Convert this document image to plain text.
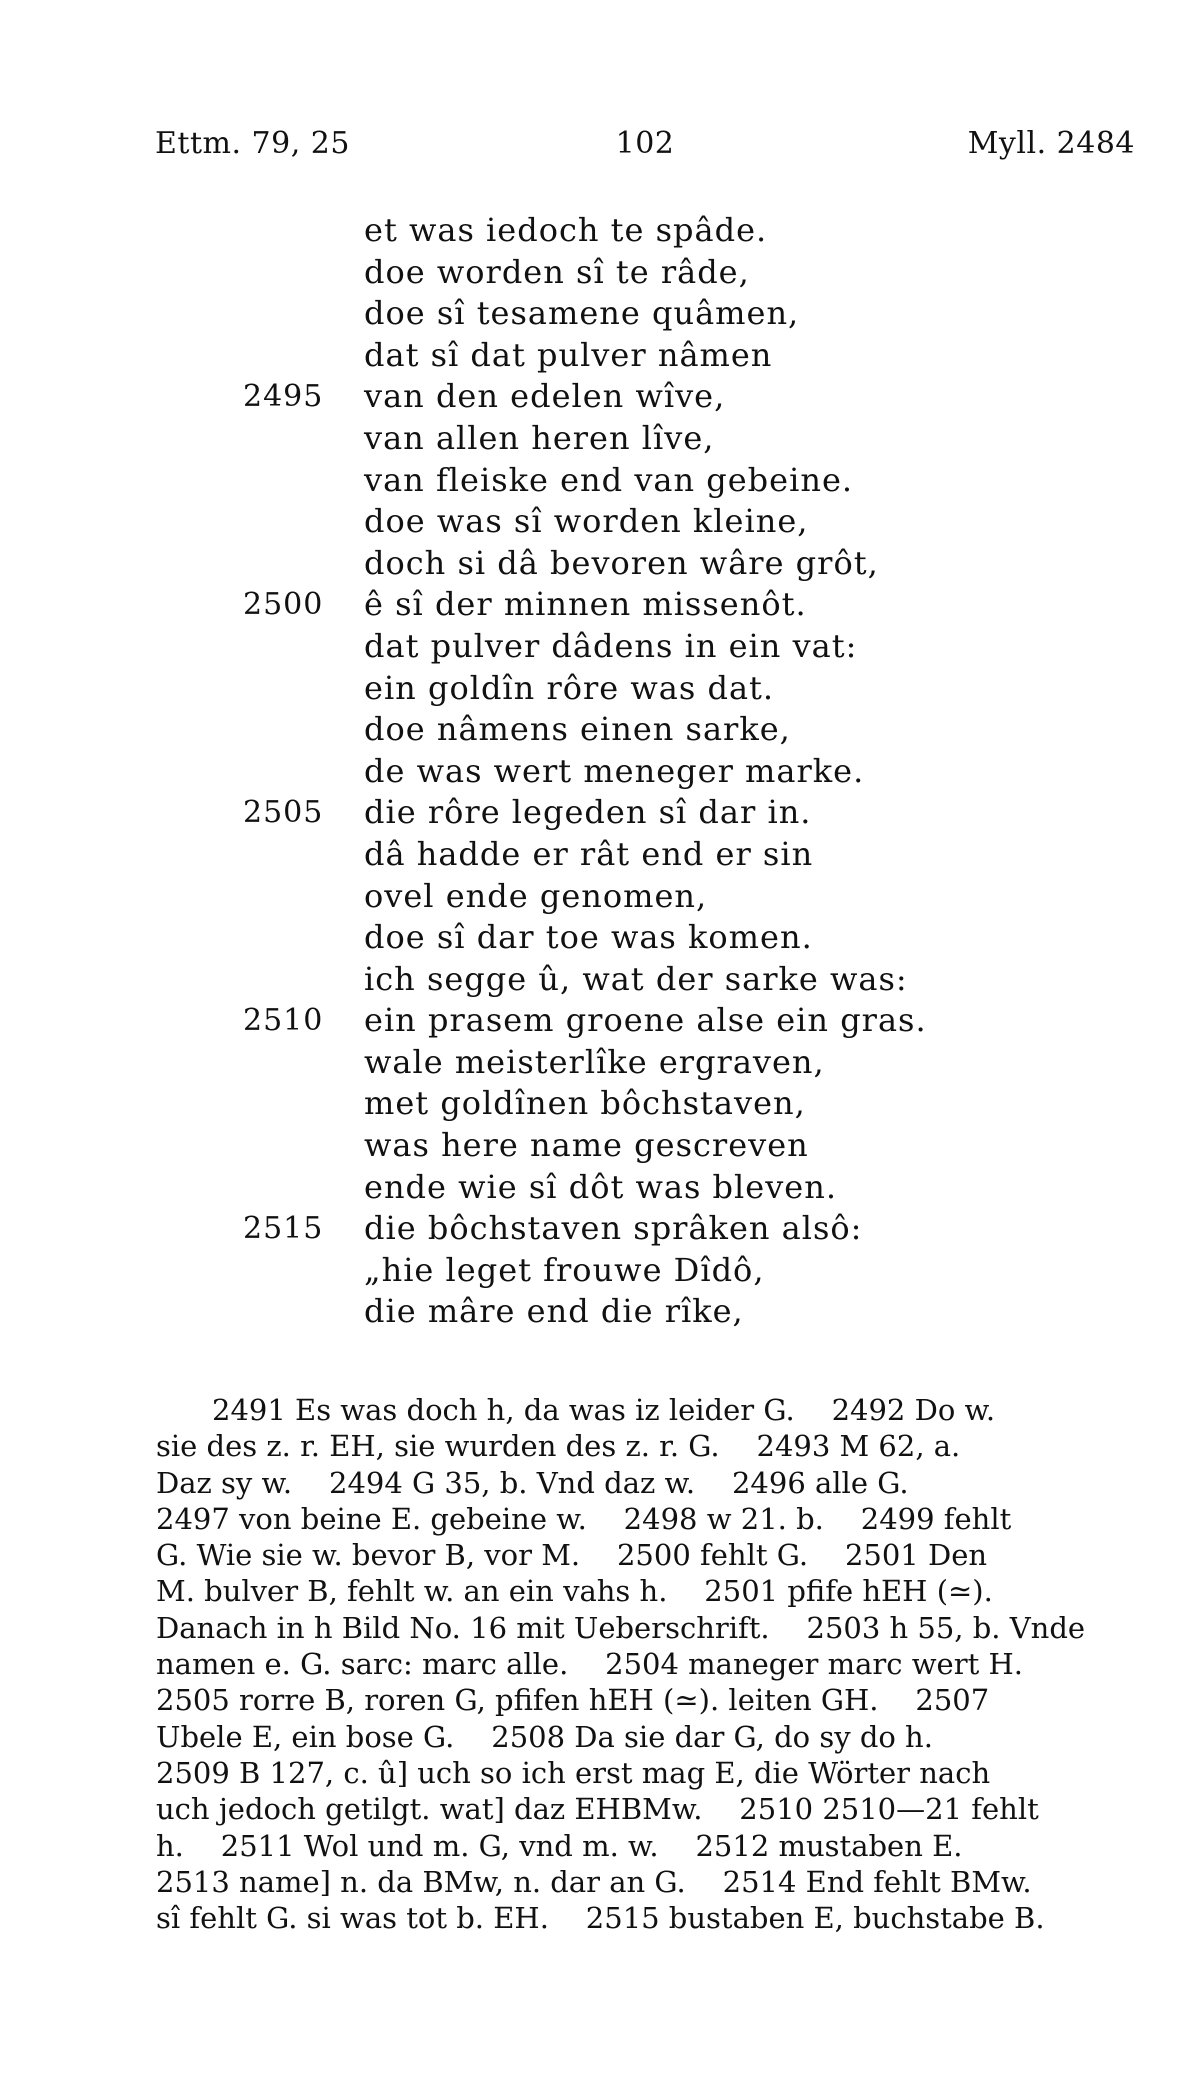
Ettm. 79, 25	102	Myll. 2484
et was iedoch te spâde.
doe worden sî te râde,
doe sî tesamene quâmen,
dat sî dat pulver nâmen
2495 van den edelen wîve,
van allen heren lîve,
van fleiske end van gebeine.
doe was sî worden kleine,
doch si dâ bevoren wâre grôt,
2500 ê sî der minnen missenôt.
dat pulver dâdens in ein vat:
ein goldîn rôre was dat.
doe nâmens einen sarke,
de was wert meneger marke.
2505 die rôre legeden sî dar in.
dâ hadde er rât end er sin
ovel ende genomen,
doe sî dar toe was komen.
ich segge û, wat der sarke was:
2510 ein prasem groene alse ein gras.
wale meisterlîke ergraven,
met goldînen bôchstaven,
was here name gescreven
ende wie sî dôt was bleven.
2515 die bôchstaven sprâken alsô:
„hie leget frouwe Dîdô,
die mâre end die rîke,
2491 Es was doch h, da was iz leider G.    2492 Do w.
sie des z. r. EH, sie wurden des z. r. G.    2493 M 62, a.
Daz sy w.    2494 G 35, b. Vnd daz w.    2496 alle G.
2497 von beine E. gebeine w.    2498 w 21. b.    2499 fehlt
G. Wie sie w. bevor B, vor M.    2500 fehlt G.    2501 Den
M. bulver B, fehlt w. an ein vahs h.    2501 pfife hEH (≃).
Danach in h Bild No. 16 mit Ueberschrift.    2503 h 55, b. Vnde
namen e. G. sarc: marc alle.    2504 maneger marc wert H.
2505 rorre B, roren G, pfifen hEH (≃). leiten GH.    2507
Ubele E, ein bose G.    2508 Da sie dar G, do sy do h.
2509 B 127, c. û] uch so ich erst mag E, die Wörter nach
uch jedoch getilgt. wat] daz EHBMw.    2510 2510—21 fehlt
h.    2511 Wol und m. G, vnd m. w.    2512 mustaben E.
2513 name] n. da BMw, n. dar an G.    2514 End fehlt BMw.
sî fehlt G. si was tot b. EH.    2515 bustaben E, buchstabe B.
